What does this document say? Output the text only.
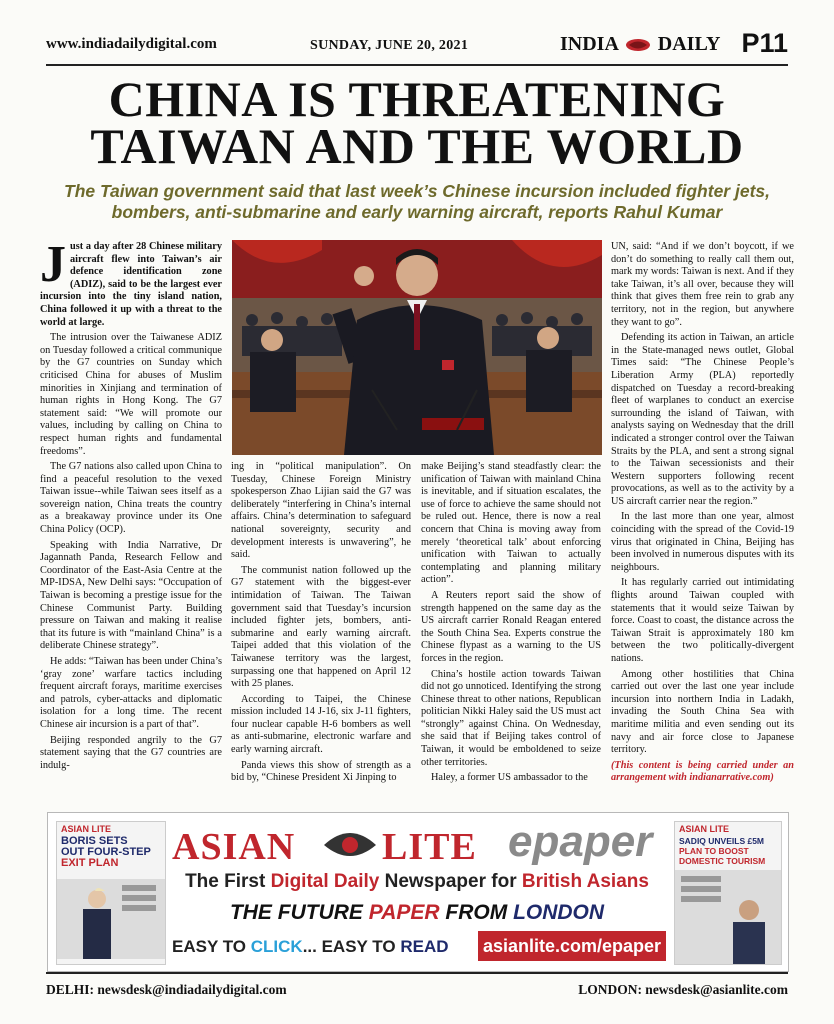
www.indiadailydigital.com	SUNDAY, JUNE 20, 2021	INDIA DAILY P11
CHINA IS THREATENING
TAIWAN AND THE WORLD
The Taiwan government said that last week’s Chinese incursion included fighter jets,
bombers, anti-submarine and early warning aircraft, reports Rahul Kumar

Just a day after 28 Chinese military aircraft flew into Taiwan’s air defence identification zone (ADIZ), said to be the largest ever incursion into the tiny island nation, China followed it up with a threat to the world at large.

The intrusion over the Taiwanese ADIZ on Tuesday followed a critical communique by the G7 countries on Sunday which criticised China for abuses of Muslim minorities in Xinjiang and termination of human rights in Hong Kong. The G7 statement said: “We will promote our values, including by calling on China to respect human rights and fundamental freedoms”.

The G7 nations also called upon China to find a peaceful resolution to the vexed Taiwan issue--while Taiwan sees itself as a sovereign nation, China treats the country as a breakaway province under its One China Policy (OCP).

Speaking with India Narrative, Dr Jagannath Panda, Research Fellow and Coordinator of the East-Asia Centre at the MP-IDSA, New Delhi says: “Occupation of Taiwan is becoming a prestige issue for the Chinese Communist Party. Building pressure on Taiwan and making it realise that its future is with “mainland China” is a deliberate Chinese strategy”.

He adds: “Taiwan has been under China’s ‘gray zone’ warfare tactics including frequent aircraft forays, maritime exercises and patrols, cyber-attacks and diplomatic isolation for a long time. The recent Chinese air incursion is a part of that”.

Beijing responded angrily to the G7 statement saying that the G7 countries are indulg-

ing in “political manipulation”. On Tuesday, Chinese Foreign Ministry spokesperson Zhao Lijian said the G7 was deliberately “interfering in China’s internal affairs. China’s determination to safeguard national sovereignty, security and development interests is unwavering”, he said.

The communist nation followed up the G7 statement with the biggest-ever intimidation of Taiwan. The Taiwan government said that Tuesday’s incursion included fighter jets, bombers, anti-submarine and early warning aircraft. Taipei added that this violation of the Taiwanese territory was the largest, surpassing one that happened on April 12 with 25 planes.

According to Taipei, the Chinese mission included 14 J-16, six J-11 fighters, four nuclear capable H-6 bombers as well as anti-submarine, electronic warfare and early warning aircraft.

Panda views this show of strength as a bid by, “Chinese President Xi Jinping to

make Beijing’s stand steadfastly clear: the unification of Taiwan with mainland China is inevitable, and if situation escalates, the use of force to achieve the same should not be ruled out. Hence, there is now a real concern that China is moving away from merely ‘theoretical talk’ about enforcing unification with Taiwan to actually contemplating and planning military action”.

A Reuters report said the show of strength happened on the same day as the US aircraft carrier Ronald Reagan entered the South China Sea. Experts construe the Chinese flypast as a warning to the US forces in the region.

China’s hostile action towards Taiwan did not go unnoticed. Identifying the strong Chinese threat to other nations, Republican politician Nikki Haley said the US must act “strongly” against China. On Wednesday, she said that if Beijing takes control of Taiwan, it would be emboldened to seize other territories.

Haley, a former US ambassador to the

UN, said: “And if we don’t boycott, if we don’t do something to really call them out, mark my words: Taiwan is next. And if they take Taiwan, it’s all over, because they will think that gives them free rein to grab any territory, not in the region, but anywhere they want to go”.

Defending its action in Taiwan, an article in the State-managed news outlet, Global Times said: “The Chinese People’s Liberation Army (PLA) reportedly dispatched on Tuesday a record-breaking fleet of warplanes to conduct an exercise surrounding the island of Taiwan, with analysts saying on Wednesday that the drill indicated a stronger control over the Taiwan Straits by the PLA, and sent a strong signal to the Taiwan secessionists and their Western supporters following recent provocations, as well as to the activity by a US aircraft carrier near the region.”

In the last more than one year, almost coinciding with the spread of the Covid-19 virus that originated in China, Beijing has been involved in numerous disputes with its neighbours.

It has regularly carried out intimidating flights around Taiwan coupled with statements that it would seize Taiwan by force. Coast to coast, the distance across the Taiwan Strait is approximately 180 km between the two politically-divergent nations.

Among other hostilities that China carried out over the last one year include incursion into northern India in Ladakh, invading the South China Sea with maritime militia and even sending out its navy and air force close to Japanese territory.

(This content is being carried under an arrangement with indianarrative.com)

ASIAN LITE
BORIS SETS
OUT FOUR-STEP
EXIT PLAN	ASIAN LITE epaper
The First Digital Daily Newspaper for British Asians
THE FUTURE PAPER FROM LONDON
EASY TO CLICK... EASY TO READ	asianlite.com/epaper
ASIAN LITE
SADIQ UNVEILS £5M
PLAN TO BOOST
DOMESTIC TOURISM
DELHI: newsdesk@indiadailydigital.com	LONDON: newsdesk@asianlite.com
